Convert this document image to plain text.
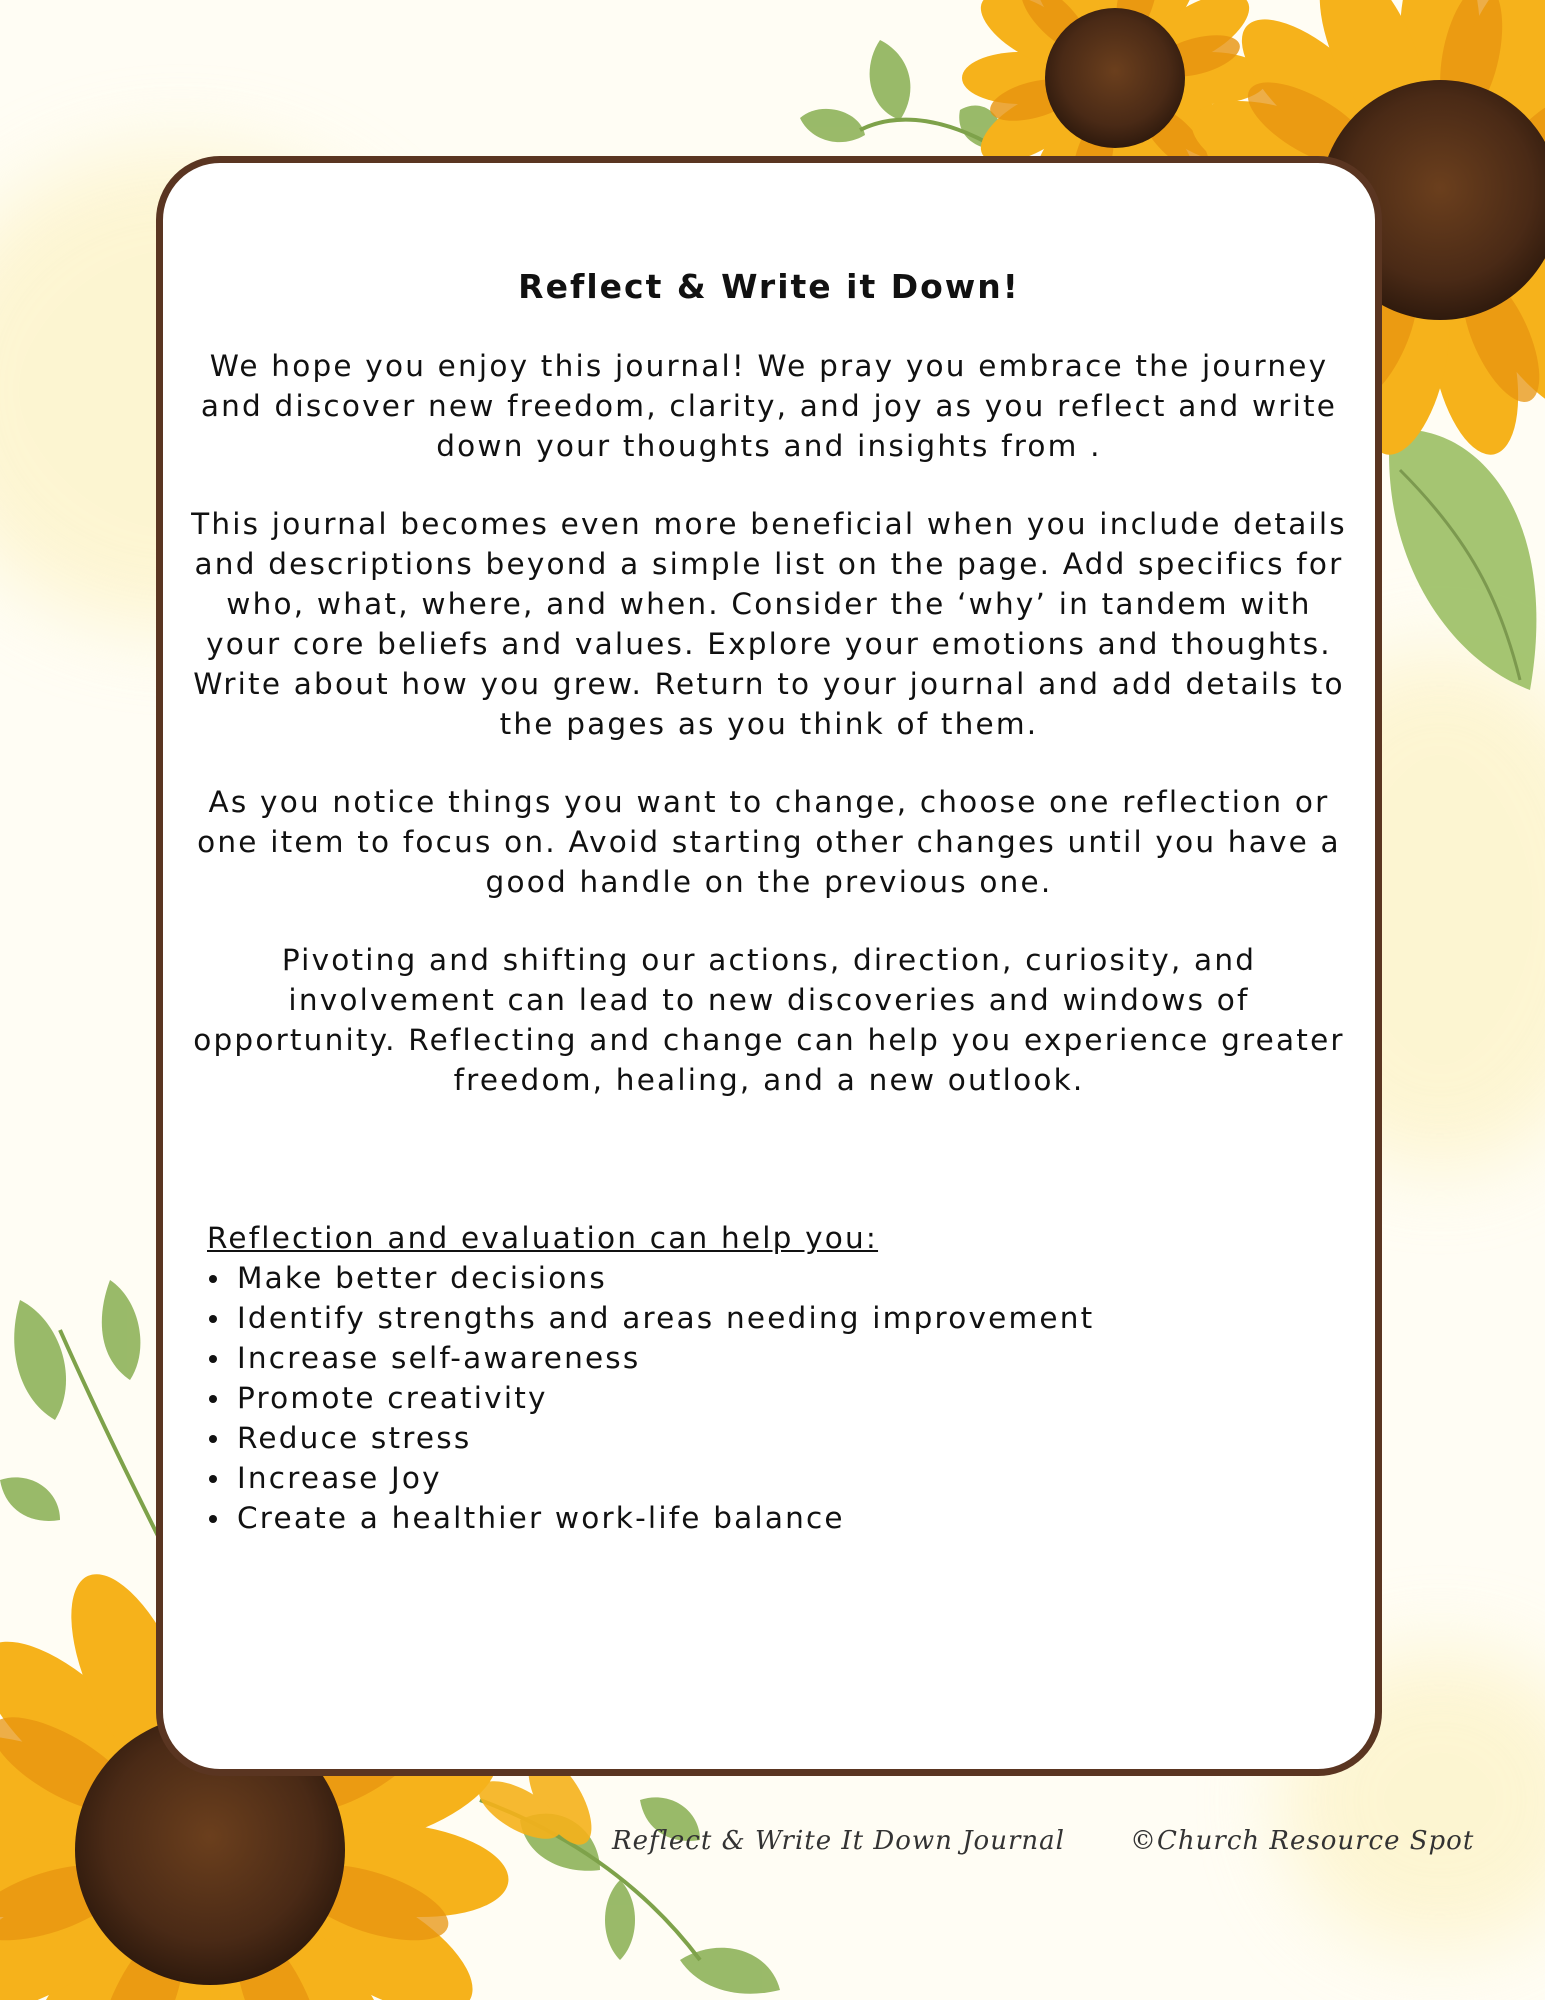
Reflect & Write it Down!

We hope you enjoy this journal! We pray you embrace the journey and discover new freedom, clarity, and joy as you reflect and write down your thoughts and insights from .

This journal becomes even more beneficial when you include details and descriptions beyond a simple list on the page. Add specifics for who, what, where, and when. Consider the ‘why’ in tandem with your core beliefs and values. Explore your emotions and thoughts. Write about how you grew. Return to your journal and add details to the pages as you think of them.

As you notice things you want to change, choose one reflection or one item to focus on. Avoid starting other changes until you have a good handle on the previous one.

Pivoting and shifting our actions, direction, curiosity, and involvement can lead to new discoveries and windows of opportunity. Reflecting and change can help you experience greater freedom, healing, and a new outlook.

Reflection and evaluation can help you:

Make better decisions
Identify strengths and areas needing improvement
Increase self-awareness
Promote creativity
Reduce stress
Increase Joy
Create a healthier work-life balance
Reflect & Write It Down Journal	©Church Resource Spot
